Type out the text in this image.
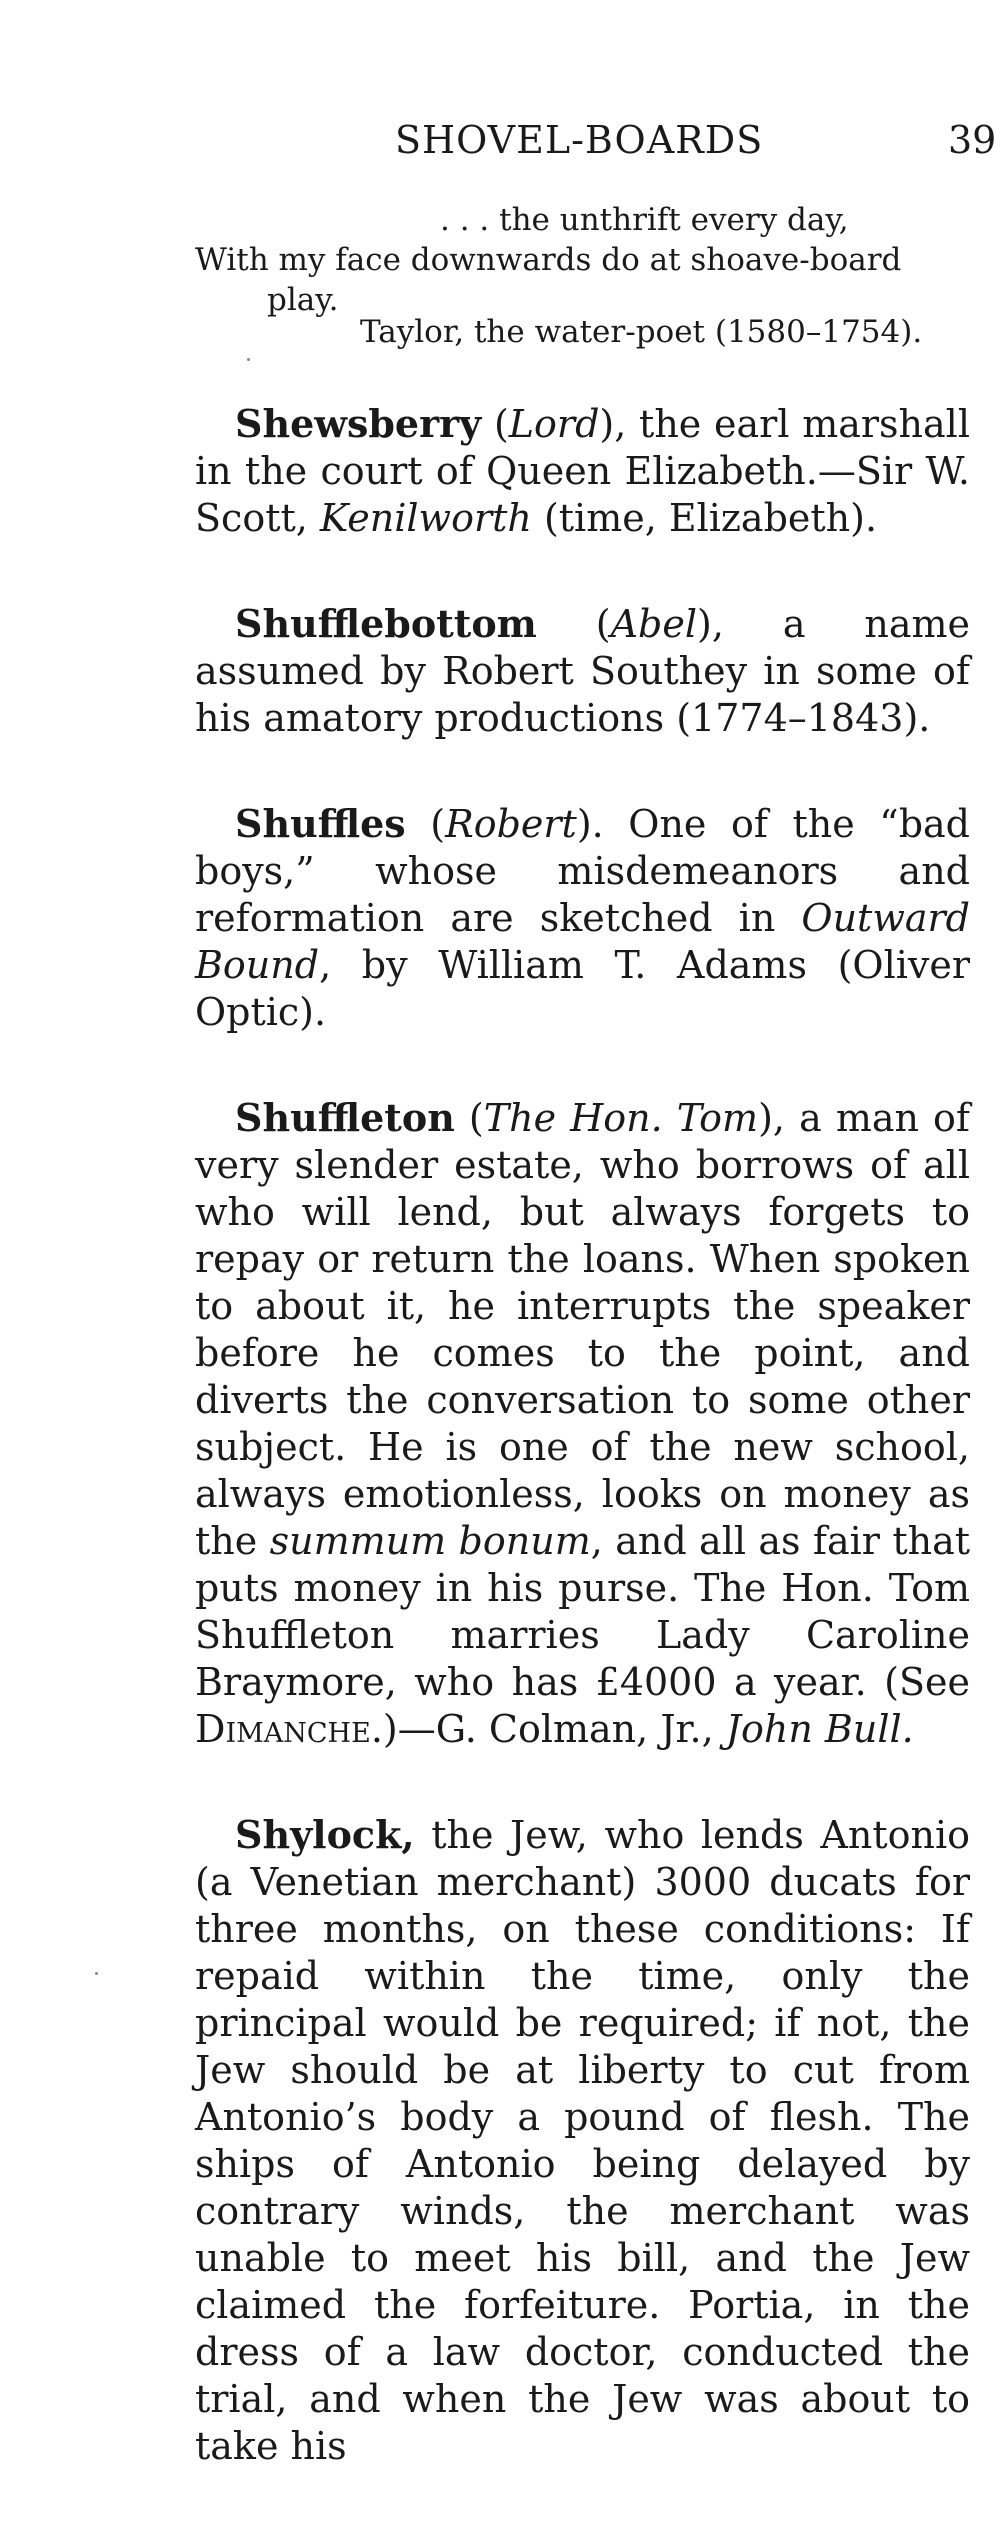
SHOVEL-BOARDS	39
. . . the unthrift every day,
With my face downwards do at shoave-board
play.
Taylor, the water-poet (1580–1754).

Shewsberry (Lord), the earl marshall in the court of Queen Elizabeth.—Sir W. Scott, Kenilworth (time, Elizabeth).

Shufflebottom (Abel), a name assumed by Robert Southey in some of his amatory productions (1774–1843).

Shuffles (Robert). One of the “bad boys,” whose misdemeanors and reformation are sketched in Outward Bound, by William T. Adams (Oliver Optic).

Shuffleton (The Hon. Tom), a man of very slender estate, who borrows of all who will lend, but always forgets to repay or return the loans. When spoken to about it, he interrupts the speaker before he comes to the point, and diverts the conversation to some other subject. He is one of the new school, always emotionless, looks on money as the summum bonum, and all as fair that puts money in his purse. The Hon. Tom Shuffleton marries Lady Caroline Braymore, who has £4000 a year. (See Dimanche.)—G. Colman, Jr., John Bull.

Shylock, the Jew, who lends Antonio (a Venetian merchant) 3000 ducats for three months, on these conditions: If repaid within the time, only the principal would be required; if not, the Jew should be at liberty to cut from Antonio’s body a pound of flesh. The ships of Antonio being delayed by contrary winds, the merchant was unable to meet his bill, and the Jew claimed the forfeiture. Portia, in the dress of a law doctor, conducted the trial, and when the Jew was about to take his
